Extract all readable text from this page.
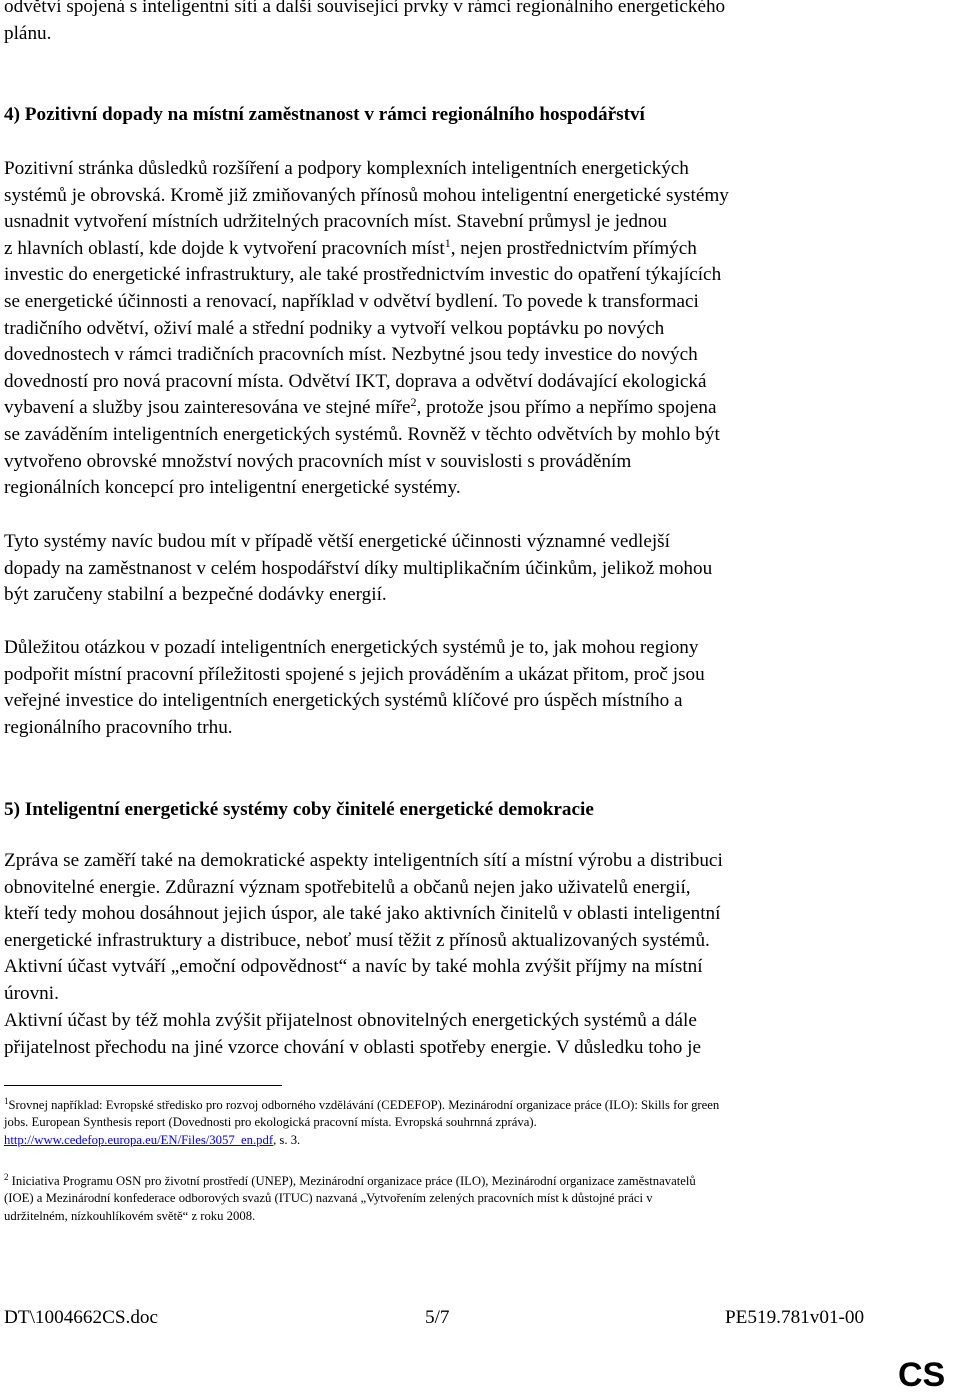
odvětví spojená s inteligentní sítí a další související prvky v rámci regionálního energetického
plánu.

4) Pozitivní dopady na místní zaměstnanost v rámci regionálního hospodářství

Pozitivní stránka důsledků rozšíření a podpory komplexních inteligentních energetických
systémů je obrovská. Kromě již zmiňovaných přínosů mohou inteligentní energetické systémy
usnadnit vytvoření místních udržitelných pracovních míst. Stavební průmysl je jednou
z hlavních oblastí, kde dojde k vytvoření pracovních míst$^1$, nejen prostřednictvím přímých
investic do energetické infrastruktury, ale také prostřednictvím investic do opatření týkajících
se energetické účinnosti a renovací, například v odvětví bydlení. To povede k transformaci
tradičního odvětví, oživí malé a střední podniky a vytvoří velkou poptávku po nových
dovednostech v rámci tradičních pracovních míst. Nezbytné jsou tedy investice do nových
dovedností pro nová pracovní místa. Odvětví IKT, doprava a odvětví dodávající ekologická
vybavení a služby jsou zainteresována ve stejné míře$^2$, protože jsou přímo a nepřímo spojena
se zaváděním inteligentních energetických systémů. Rovněž v těchto odvětvích by mohlo být
vytvořeno obrovské množství nových pracovních míst v souvislosti s prováděním
regionálních koncepcí pro inteligentní energetické systémy.

Tyto systémy navíc budou mít v případě větší energetické účinnosti významné vedlejší
dopady na zaměstnanost v celém hospodářství díky multiplikačním účinkům, jelikož mohou
být zaručeny stabilní a bezpečné dodávky energií.

Důležitou otázkou v pozadí inteligentních energetických systémů je to, jak mohou regiony
podpořit místní pracovní příležitosti spojené s jejich prováděním a ukázat přitom, proč jsou
veřejné investice do inteligentních energetických systémů klíčové pro úspěch místního a
regionálního pracovního trhu.

5) Inteligentní energetické systémy coby činitelé energetické demokracie

Zpráva se zaměří také na demokratické aspekty inteligentních sítí a místní výrobu a distribuci
obnovitelné energie. Zdůrazní význam spotřebitelů a občanů nejen jako uživatelů energií,
kteří tedy mohou dosáhnout jejich úspor, ale také jako aktivních činitelů v oblasti inteligentní
energetické infrastruktury a distribuce, neboť musí těžit z přínosů aktualizovaných systémů.
Aktivní účast vytváří „emoční odpovědnost“ a navíc by také mohla zvýšit příjmy na místní
úrovni.

Aktivní účast by též mohla zvýšit přijatelnost obnovitelných energetických systémů a dále
přijatelnost přechodu na jiné vzorce chování v oblasti spotřeby energie. V důsledku toho je

$^1$Srovnej například: Evropské středisko pro rozvoj odborného vzdělávání (CEDEFOP). Mezinárodní organizace práce (ILO): Skills for green
jobs. European Synthesis report (Dovednosti pro ekologická pracovní místa. Evropská souhrnná zpráva).
http://www.cedefop.europa.eu/EN/Files/3057_en.pdf, s. 3.

$^2$ Iniciativa Programu OSN pro životní prostředí (UNEP), Mezinárodní organizace práce (ILO), Mezinárodní organizace zaměstnavatelů
(IOE) a Mezinárodní konfederace odborových svazů (ITUC) nazvaná „Vytvořením zelených pracovních míst k důstojné práci v
udržitelném, nízkouhlíkovém světě“ z roku 2008.

DT\1004662CS.doc	5/7	PE519.781v01-00
CS
